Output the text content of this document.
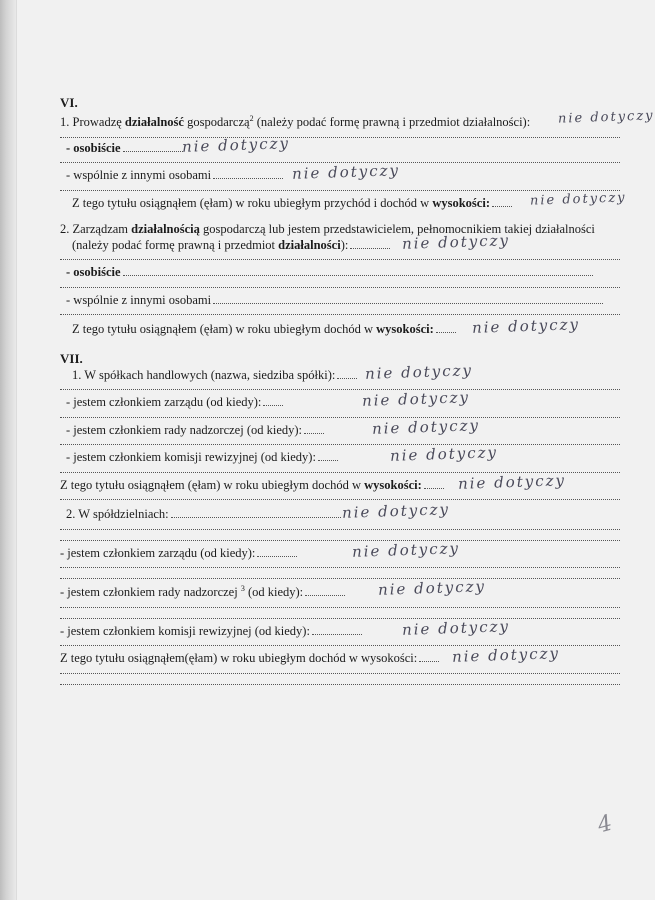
VI.
1. Prowadzę działalność gospodarczą$^2$ (należy podać formę prawną i przedmiot działalności): nie dotyczy
- osobiście	nie dotyczy
- wspólnie z innymi osobami	nie dotyczy
Z tego tytułu osiągnąłem (ęłam) w roku ubiegłym przychód i dochód w wysokości:	nie dotyczy
2. Zarządzam działalnością gospodarczą lub jestem przedstawicielem, pełnomocnikiem takiej działalności
(należy podać formę prawną i przedmiot działalności):	nie dotyczy
- osobiście
- wspólnie z innymi osobami
Z tego tytułu osiągnąłem (ęłam) w roku ubiegłym dochód w wysokości:	nie dotyczy
VII.
1. W spółkach handlowych (nazwa, siedziba spółki): nie dotyczy
- jestem członkiem zarządu (od kiedy):	nie dotyczy
- jestem członkiem rady nadzorczej (od kiedy):	nie dotyczy
- jestem członkiem komisji rewizyjnej (od kiedy):	nie dotyczy
Z tego tytułu osiągnąłem (ęłam) w roku ubiegłym dochód w wysokości: nie dotyczy
2. W spółdzielniach:	nie dotyczy
- jestem członkiem zarządu (od kiedy):	nie dotyczy
- jestem członkiem rady nadzorczej $^3$ (od kiedy):	nie dotyczy
- jestem członkiem komisji rewizyjnej (od kiedy):	nie dotyczy
Z tego tytułu osiągnąłem(ęłam) w roku ubiegłym dochód w wysokości: nie dotyczy
4
